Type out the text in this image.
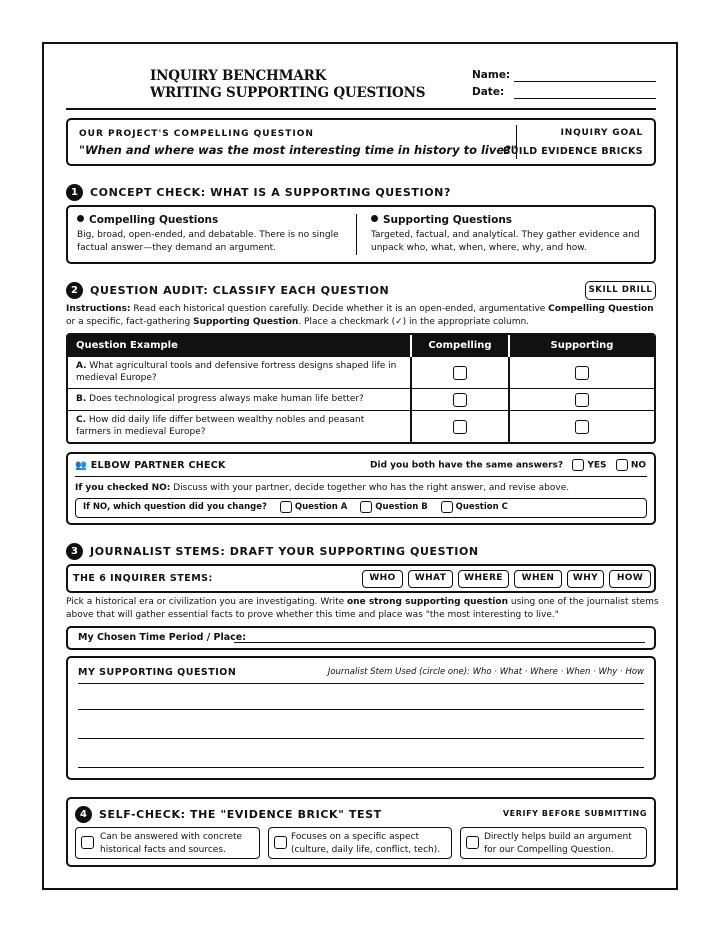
INQUIRY BENCHMARK
WRITING SUPPORTING QUESTIONS
Name:
Date:
OUR PROJECT'S COMPELLING QUESTION
"When and where was the most interesting time in history to live?"
INQUIRY GOAL
BUILD EVIDENCE BRICKS
1	CONCEPT CHECK: WHAT IS A SUPPORTING QUESTION?
Compelling Questions
Big, broad, open-ended, and debatable. There is no single factual answer—they demand an argument.
Supporting Questions
Targeted, factual, and analytical. They gather evidence and unpack who, what, when, where, why, and how.
2	QUESTION AUDIT: CLASSIFY EACH QUESTION	SKILL DRILL
Instructions: Read each historical question carefully. Decide whether it is an open-ended, argumentative Compelling Question or a specific, fact-gathering Supporting Question. Place a checkmark (✓) in the appropriate column.
Question Example	Compelling	Supporting
A. What agricultural tools and defensive fortress designs shaped life in medieval Europe?		
B. Does technological progress always make human life better?		
C. How did daily life differ between wealthy nobles and peasant farmers in medieval Europe?		
👥 ELBOW PARTNER CHECK	Did you both have the same answers?	YES	NO
If you checked NO: Discuss with your partner, decide together who has the right answer, and revise above.
If NO, which question did you change?	Question A	Question B	Question C
3	JOURNALIST STEMS: DRAFT YOUR SUPPORTING QUESTION
THE 6 INQUIRER STEMS:	WHO	WHAT	WHERE	WHEN	WHY	HOW
Pick a historical era or civilization you are investigating. Write one strong supporting question using one of the journalist stems above that will gather essential facts to prove whether this time and place was "the most interesting to live."
My Chosen Time Period / Place:
MY SUPPORTING QUESTION	Journalist Stem Used (circle one): Who · What · Where · When · Why · How
4	SELF-CHECK: THE "EVIDENCE BRICK" TEST	VERIFY BEFORE SUBMITTING
Can be answered with concrete historical facts and sources.
Focuses on a specific aspect (culture, daily life, conflict, tech).
Directly helps build an argument for our Compelling Question.
